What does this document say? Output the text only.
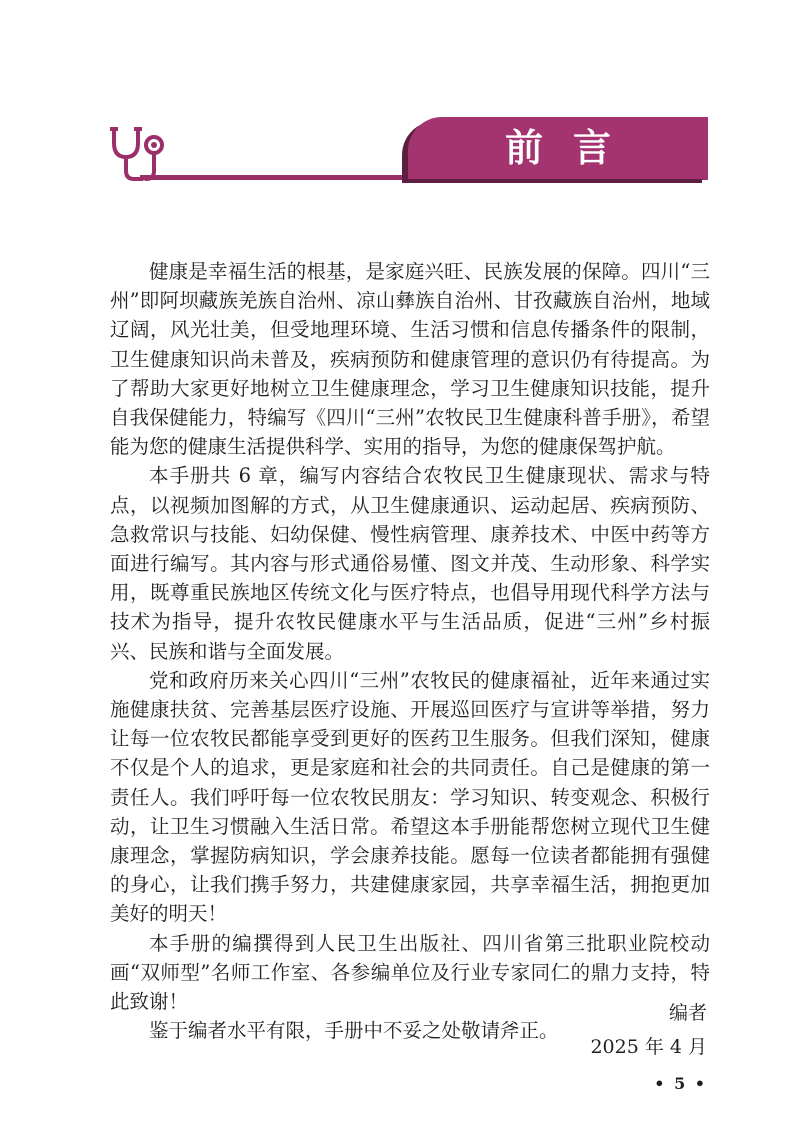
前言

健康是幸福生活的根基，是家庭兴旺、民族发展的保障。四川“三州”即阿坝藏族羌族自治州、凉山彝族自治州、甘孜藏族自治州，地域辽阔，风光壮美，但受地理环境、生活习惯和信息传播条件的限制，卫生健康知识尚未普及，疾病预防和健康管理的意识仍有待提高。为了帮助大家更好地树立卫生健康理念，学习卫生健康知识技能，提升自我保健能力，特编写《四川“三州”农牧民卫生健康科普手册》，希望能为您的健康生活提供科学、实用的指导，为您的健康保驾护航。

本手册共 6 章，编写内容结合农牧民卫生健康现状、需求与特点，以视频加图解的方式，从卫生健康通识、运动起居、疾病预防、急救常识与技能、妇幼保健、慢性病管理、康养技术、中医中药等方面进行编写。其内容与形式通俗易懂、图文并茂、生动形象、科学实用，既尊重民族地区传统文化与医疗特点，也倡导用现代科学方法与技术为指导，提升农牧民健康水平与生活品质，促进“三州”乡村振兴、民族和谐与全面发展。

党和政府历来关心四川“三州”农牧民的健康福祉，近年来通过实施健康扶贫、完善基层医疗设施、开展巡回医疗与宣讲等举措，努力让每一位农牧民都能享受到更好的医药卫生服务。但我们深知，健康不仅是个人的追求，更是家庭和社会的共同责任。自己是健康的第一责任人。我们呼吁每一位农牧民朋友：学习知识、转变观念、积极行动，让卫生习惯融入生活日常。希望这本手册能帮您树立现代卫生健康理念，掌握防病知识，学会康养技能。愿每一位读者都能拥有强健的身心，让我们携手努力，共建健康家园，共享幸福生活，拥抱更加美好的明天！

本手册的编撰得到人民卫生出版社、四川省第三批职业院校动画“双师型”名师工作室、各参编单位及行业专家同仁的鼎力支持，特此致谢！

鉴于编者水平有限，手册中不妥之处敬请斧正。

编者
2025 年 4 月
• 5 •
